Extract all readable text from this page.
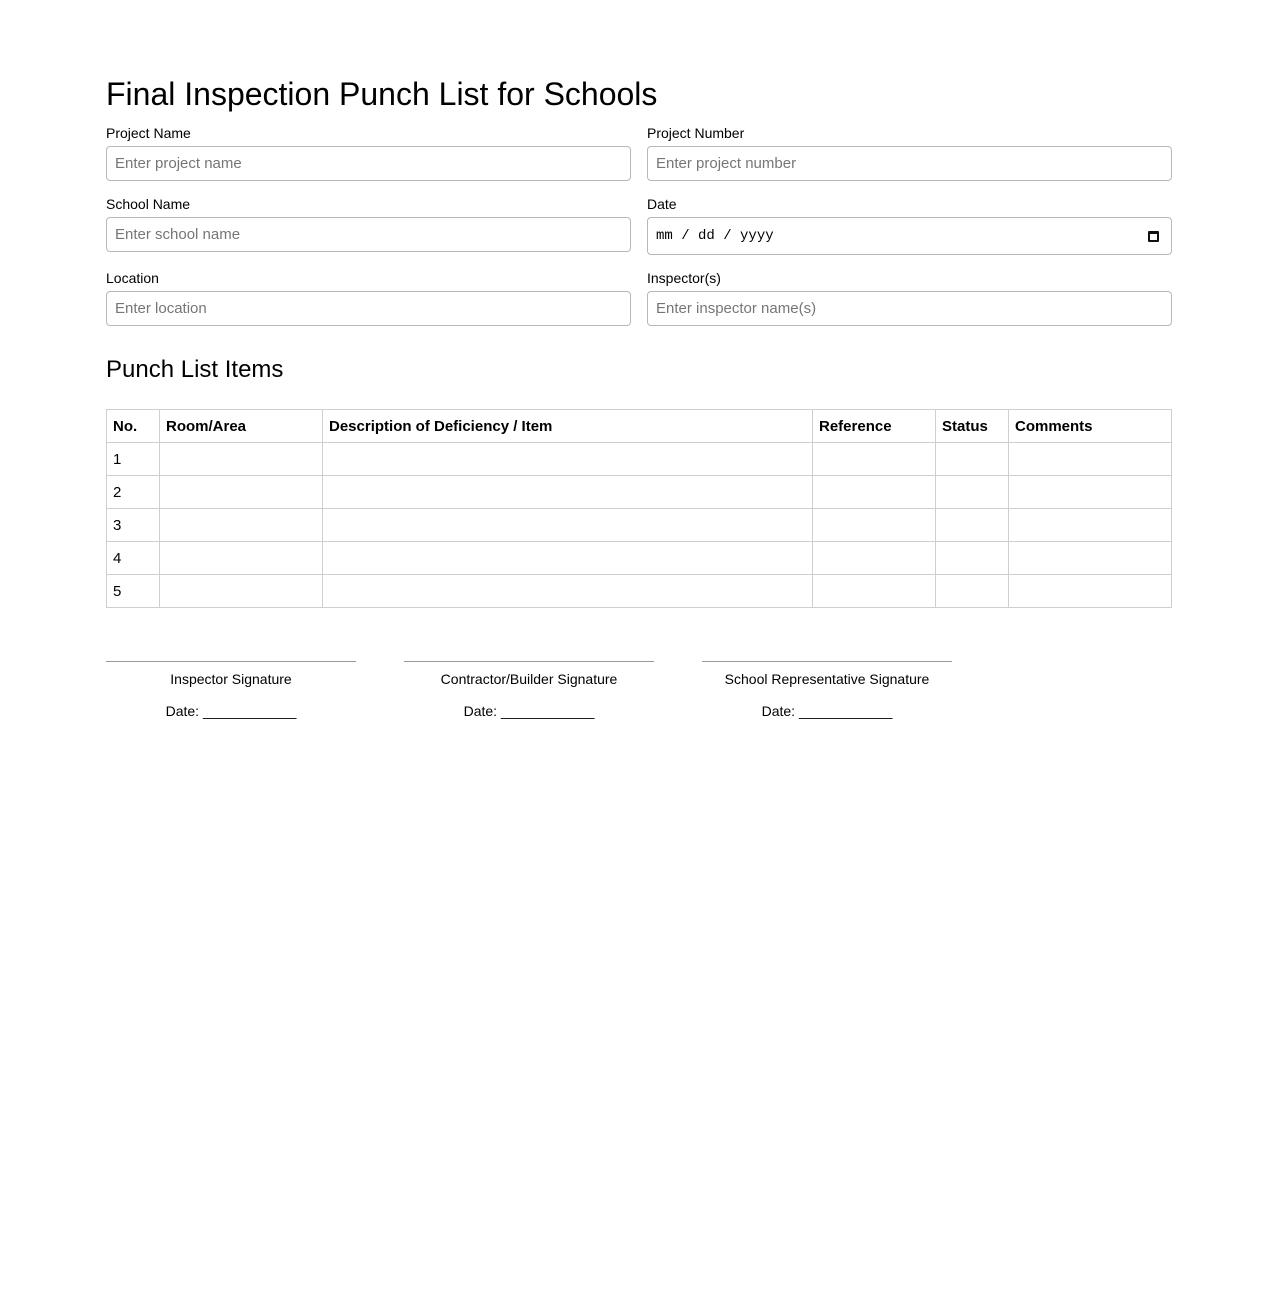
Final Inspection Punch List for Schools
Project Name
Enter project name	Project Number
Enter project number
School Name
Enter school name	Date
mm / dd / yyyy
Location
Enter location	Inspector(s)
Enter inspector name(s)
Punch List Items
No.	Room/Area	Description of Deficiency / Item	Reference	Status	Comments
1					
2					
3					
4					
5					
Inspector Signature
Date: ____________
Contractor/Builder Signature
Date: ____________
School Representative Signature
Date: ____________
